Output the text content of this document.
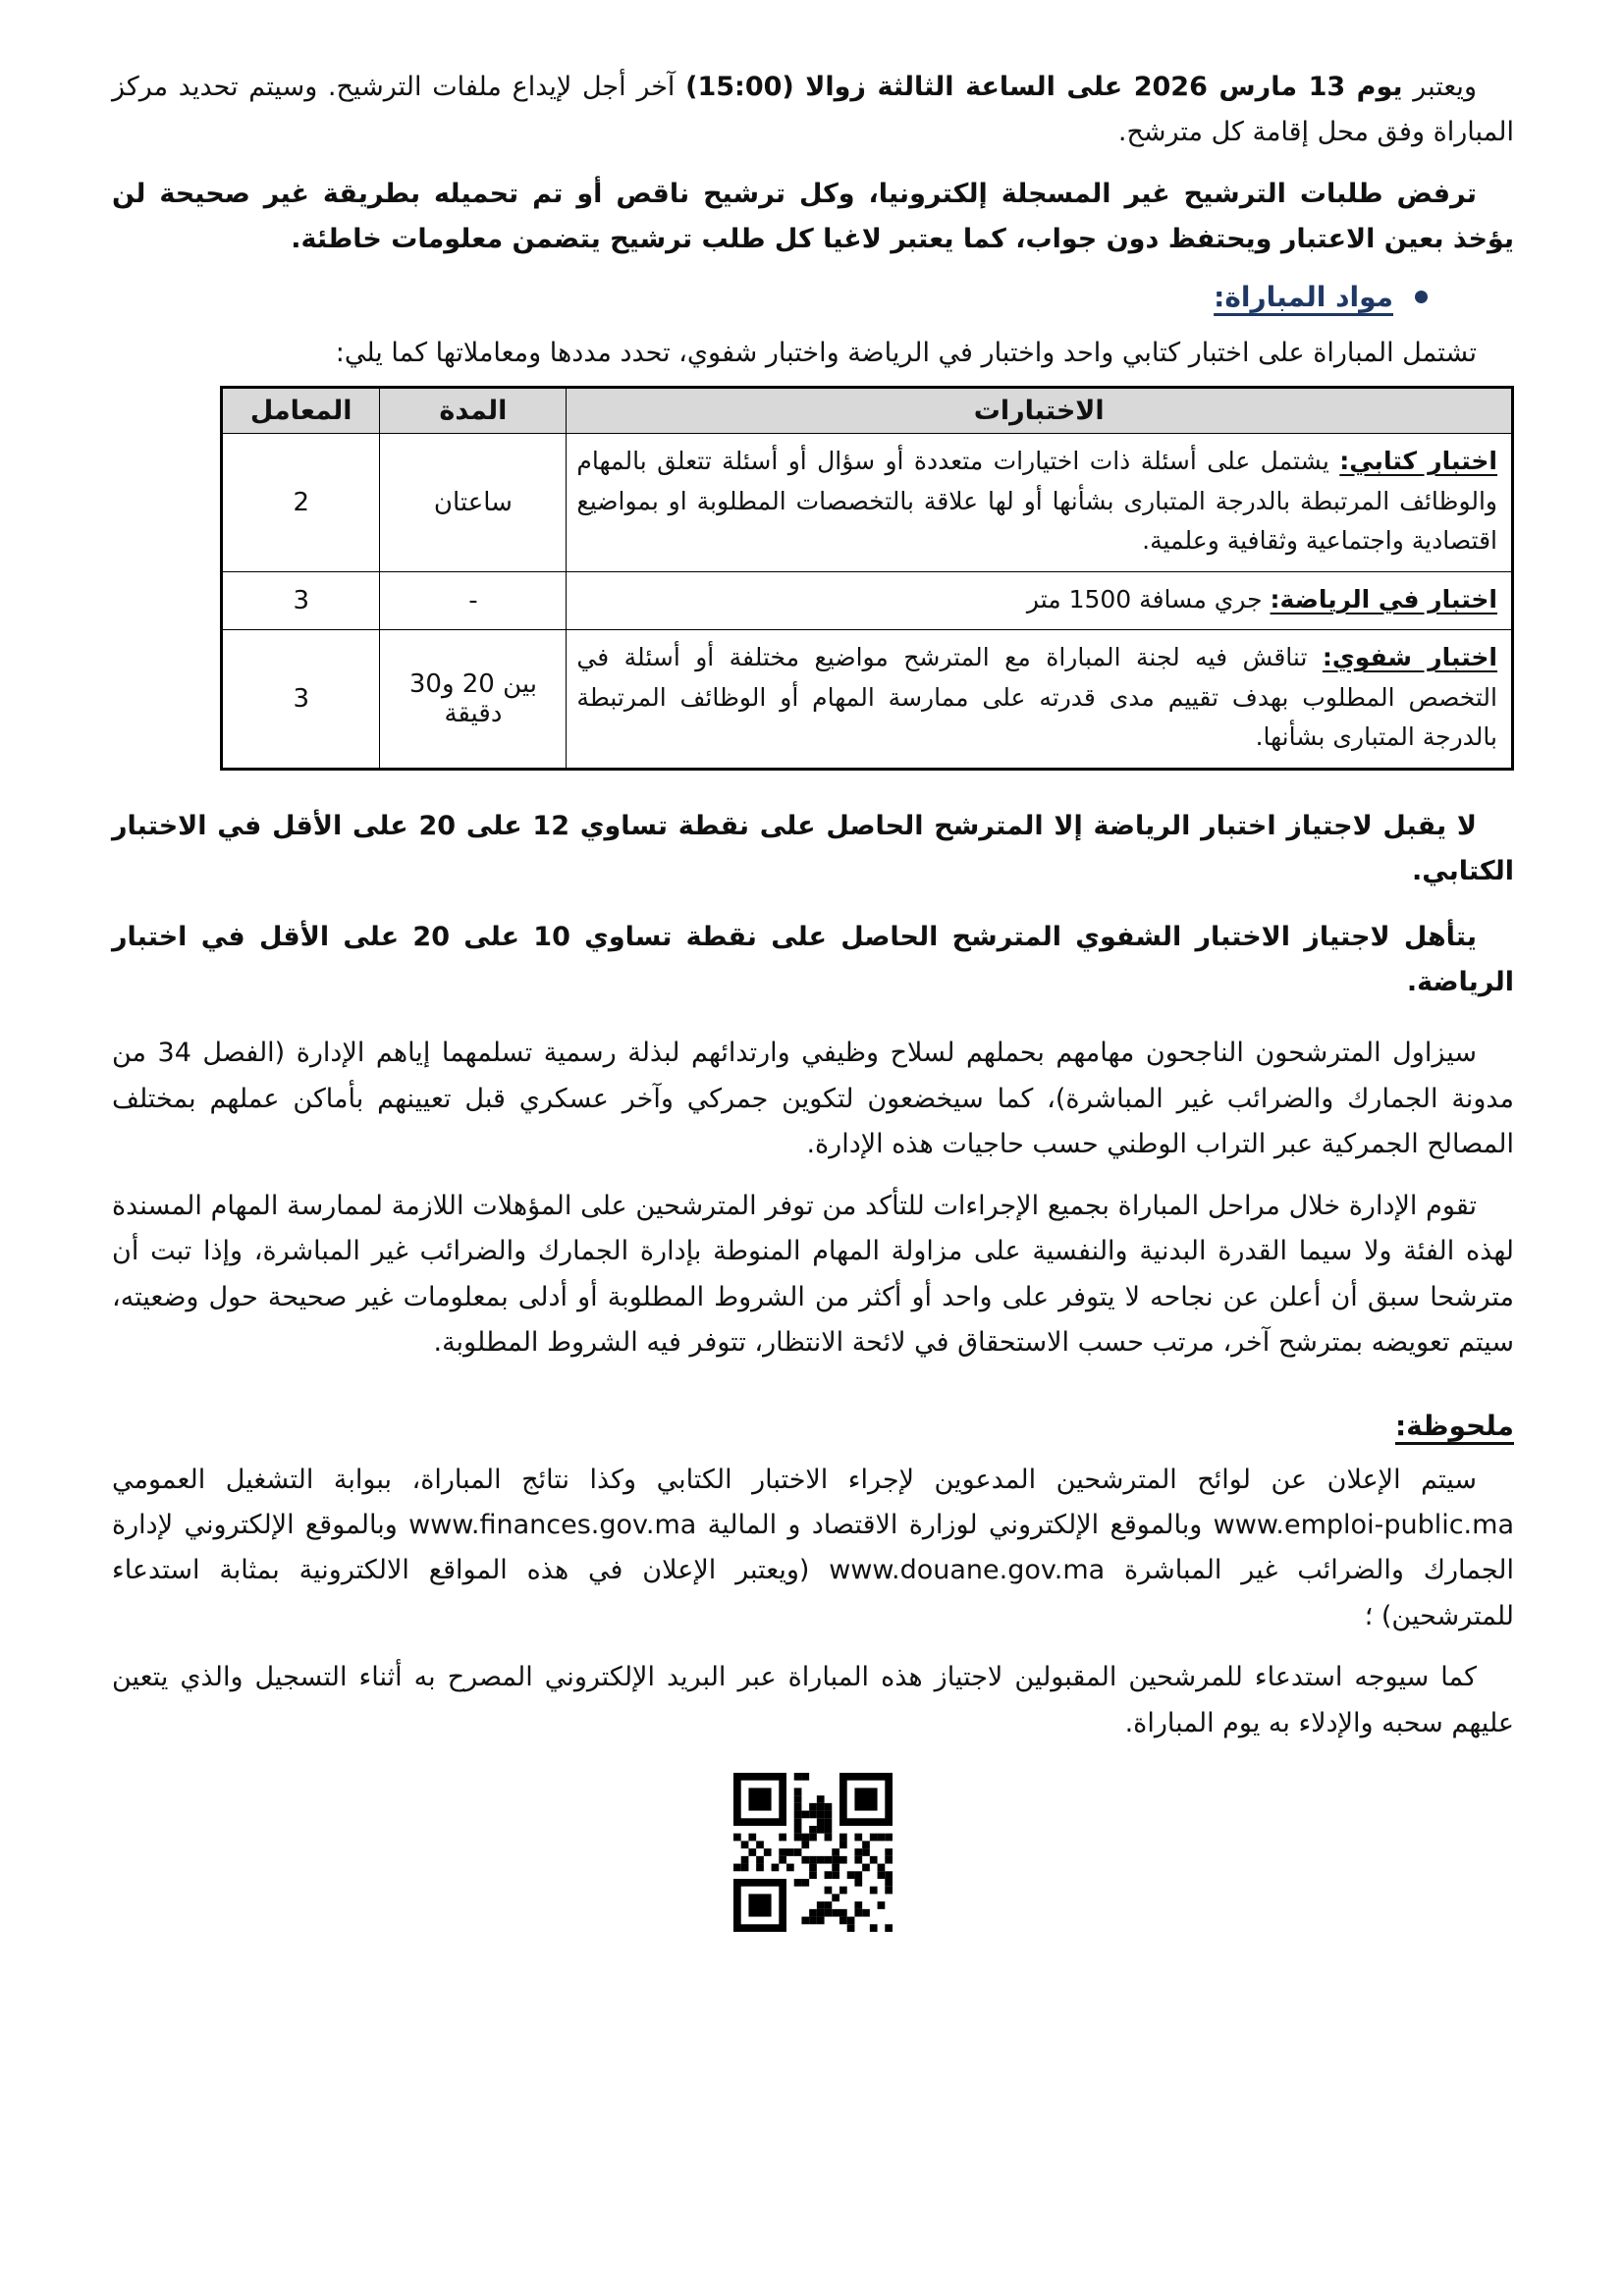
ويعتبر يوم 13 مارس 2026 على الساعة الثالثة زوالا (15:00) آخر أجل لإيداع ملفات الترشيح. وسيتم تحديد مركز المباراة وفق محل إقامة كل مترشح.

ترفض طلبات الترشيح غير المسجلة إلكترونيا، وكل ترشيح ناقص أو تم تحميله بطريقة غير صحيحة لن يؤخذ بعين الاعتبار ويحتفظ دون جواب، كما يعتبر لاغيا كل طلب ترشيح يتضمن معلومات خاطئة.

مواد المباراة:

تشتمل المباراة على اختبار كتابي واحد واختبار في الرياضة واختبار شفوي، تحدد مددها ومعاملاتها كما يلي:

الاختبارات	المدة	المعامل
اختبار كتابي: يشتمل على أسئلة ذات اختيارات متعددة أو سؤال أو أسئلة تتعلق بالمهام والوظائف المرتبطة بالدرجة المتبارى بشأنها أو لها علاقة بالتخصصات المطلوبة او بمواضيع اقتصادية واجتماعية وثقافية وعلمية.	ساعتان	2
اختبار في الرياضة: جري مسافة 1500 متر	-	3
اختبار شفوي: تناقش فيه لجنة المباراة مع المترشح مواضيع مختلفة أو أسئلة في التخصص المطلوب بهدف تقييم مدى قدرته على ممارسة المهام أو الوظائف المرتبطة بالدرجة المتبارى بشأنها.	بين 20 و30 دقيقة	3

لا يقبل لاجتياز اختبار الرياضة إلا المترشح الحاصل على نقطة تساوي 12 على 20 على الأقل في الاختبار الكتابي.

يتأهل لاجتياز الاختبار الشفوي المترشح الحاصل على نقطة تساوي 10 على 20 على الأقل في اختبار الرياضة.

سيزاول المترشحون الناجحون مهامهم بحملهم لسلاح وظيفي وارتدائهم لبذلة رسمية تسلمهما إياهم الإدارة (الفصل 34 من مدونة الجمارك والضرائب غير المباشرة)، كما سيخضعون لتكوين جمركي وآخر عسكري قبل تعيينهم بأماكن عملهم بمختلف المصالح الجمركية عبر التراب الوطني حسب حاجيات هذه الإدارة.

تقوم الإدارة خلال مراحل المباراة بجميع الإجراءات للتأكد من توفر المترشحين على المؤهلات اللازمة لممارسة المهام المسندة لهذه الفئة ولا سيما القدرة البدنية والنفسية على مزاولة المهام المنوطة بإدارة الجمارك والضرائب غير المباشرة، وإذا تبت أن مترشحا سبق أن أعلن عن نجاحه لا يتوفر على واحد أو أكثر من الشروط المطلوبة أو أدلى بمعلومات غير صحيحة حول وضعيته، سيتم تعويضه بمترشح آخر، مرتب حسب الاستحقاق في لائحة الانتظار، تتوفر فيه الشروط المطلوبة.

ملحوظة:

سيتم الإعلان عن لوائح المترشحين المدعوين لإجراء الاختبار الكتابي وكذا نتائج المباراة، ببوابة التشغيل العمومي www.emploi-public.ma وبالموقع الإلكتروني لوزارة الاقتصاد و المالية www.finances.gov.ma وبالموقع الإلكتروني لإدارة الجمارك والضرائب غير المباشرة www.douane.gov.ma (ويعتبر الإعلان في هذه المواقع الالكترونية بمثابة استدعاء للمترشحين) ؛

كما سيوجه استدعاء للمرشحين المقبولين لاجتياز هذه المباراة عبر البريد الإلكتروني المصرح به أثناء التسجيل والذي يتعين عليهم سحبه والإدلاء به يوم المباراة.
